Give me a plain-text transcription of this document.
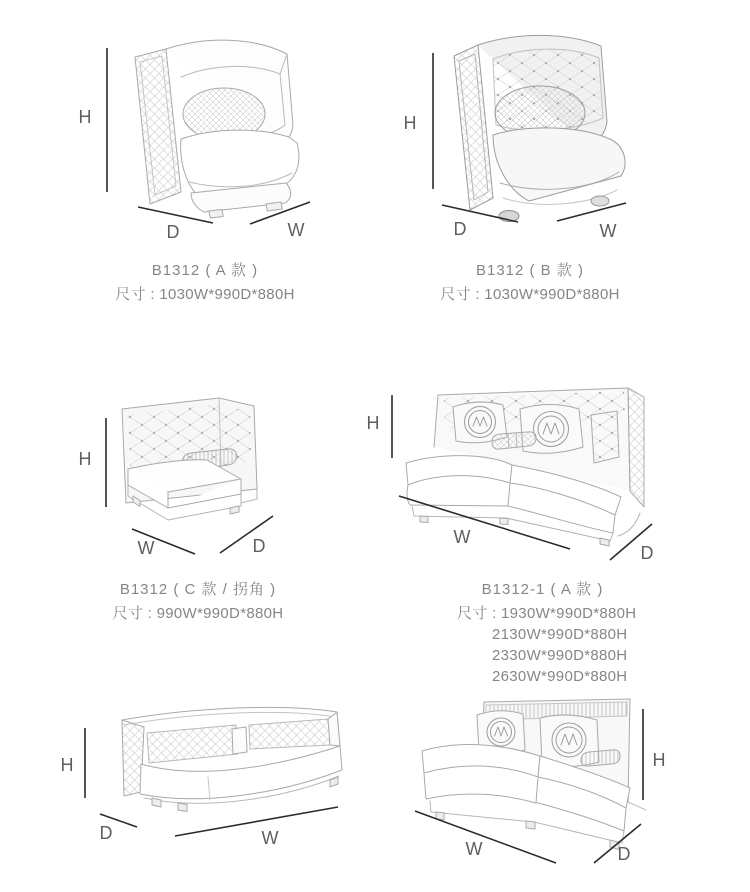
H
D	W
H
D	W
B1312 ( A 款 )
尺寸 : 1030W*990D*880H
B1312 ( B 款 )
尺寸 : 1030W*990D*880H
H
W	D
H
W
D
B1312 ( C 款 / 拐角 )
尺寸 : 990W*990D*880H
B1312-1 ( A 款 )
尺寸 : 1930W*990D*880H
2130W*990D*880H
2330W*990D*880H
2630W*990D*880H
H
D	W
H
W	D
